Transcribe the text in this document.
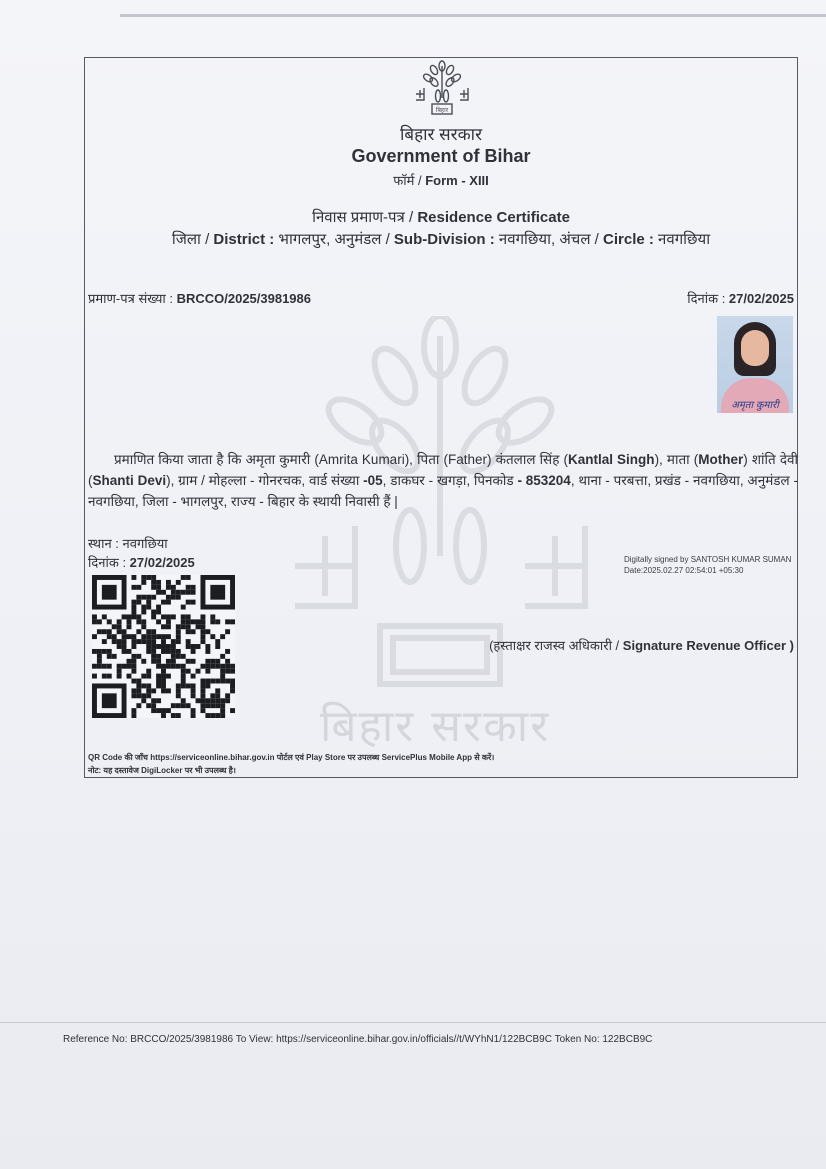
बिहार
बिहार सरकार
बिहार सरकार
Government of Bihar
फॉर्म / Form - XIII
निवास प्रमाण-पत्र / Residence Certificate
जिला / District : भागलपुर, अनुमंडल / Sub-Division : नवगछिया, अंचल / Circle : नवगछिया
प्रमाण-पत्र संख्या : BRCCO/2025/3981986	दिनांक : 27/02/2025
अमृता कुमारी
प्रमाणित किया जाता है कि अमृता कुमारी (Amrita Kumari), पिता (Father) कंतलाल सिंह (Kantlal Singh), माता (Mother) शांति देवी (Shanti Devi), ग्राम / मोहल्ला - गोनरचक, वार्ड संख्या -05, डाकघर - खगड़ा, पिनकोड - 853204, थाना - परबत्ता, प्रखंड - नवगछिया, अनुमंडल - नवगछिया, जिला - भागलपुर, राज्य - बिहार के स्थायी निवासी हैं |
स्थान : नवगछिया
दिनांक : 27/02/2025	Digitally signed by SANTOSH KUMAR SUMAN
Date:2025.02.27 02:54:01 +05:30
(हस्ताक्षर राजस्व अधिकारी / Signature Revenue Officer )
QR Code की जाँच https://serviceonline.bihar.gov.in पोर्टल एवं Play Store पर उपलब्ध ServicePlus Mobile App से करें।
नोट: यह दस्तावेज DigiLocker पर भी उपलब्ध है।
Reference No: BRCCO/2025/3981986 To View: https://serviceonline.bihar.gov.in/officials//t/WYhN1/122BCB9C Token No: 122BCB9C
